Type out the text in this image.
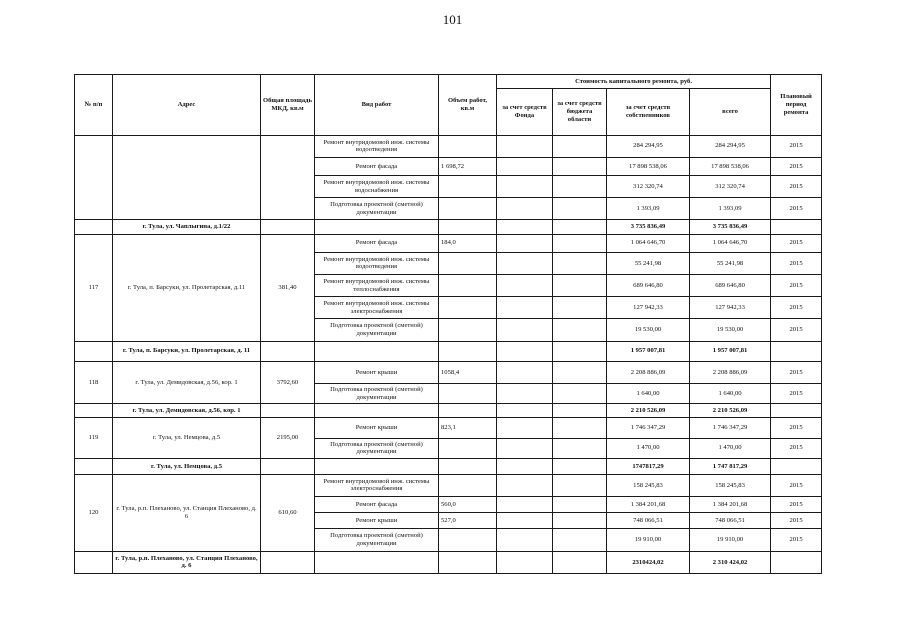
101
№ п/п	Адрес	Общая площадь МКД, кв.м	Вид работ	Объем работ, кв.м	Стоимость капитального ремонта, руб.				Плановый период ремонта
					за счет средств Фонда	за счет средств бюджета области	за счет средств собственников	всего	
			Ремонт внутридомовой инж. системы водоотведения				284 294,95	284 294,95	2015
			Ремонт фасада	1 698,72			17 898 538,06	17 898 538,06	2015
			Ремонт внутридомовой инж. системы водоснабжения				312 320,74	312 320,74	2015
			Подготовка проектной (сметной) документации				1 393,09	1 393,09	2015
	г. Тула, ул. Чаплыгина, д.1/22						3 735 836,49	3 735 836,49	
117	г. Тула, п. Барсуки, ул. Пролетарская, д.11	381,40	Ремонт фасада	184,0			1 064 646,70	1 064 646,70	2015
			Ремонт внутридомовой инж. системы водоотведения				55 241,98	55 241,98	2015
			Ремонт внутридомовой инж. системы теплоснабжения				689 646,80	689 646,80	2015
			Ремонт внутридомовой инж. системы электроснабжения				127 942,33	127 942,33	2015
			Подготовка проектной (сметной) документации				19 530,00	19 530,00	2015
	г. Тула, п. Барсуки, ул. Пролетарская, д. 11						1 957 007,81	1 957 007,81	
118	г. Тула, ул. Демидовская, д.56, кор. 1	3792,60	Ремонт крыши	1058,4			2 208 886,09	2 208 886,09	2015
			Подготовка проектной (сметной) документации				1 640,00	1 640,00	2015
	г. Тула, ул. Демидовская, д.56, кор. 1						2 210 526,09	2 210 526,09	
119	г. Тула, ул. Немцова, д.5	2195,00	Ремонт крыши	823,1			1 746 347,29	1 746 347,29	2015
			Подготовка проектной (сметной) документации				1 470,00	1 470,00	2015
	г. Тула, ул. Немцова, д.5						1747817,29	1 747 817,29	
120	г. Тула, р.п. Плеханово, ул. Станция Плеханово, д. 6	610,60	Ремонт внутридомовой инж. системы электроснабжения				158 245,83	158 245,83	2015
			Ремонт фасада	560,0			1 384 201,68	1 384 201,68	2015
			Ремонт крыши	527,0			748 066,51	748 066,51	2015
			Подготовка проектной (сметной) документации				19 910,00	19 910,00	2015
	г. Тула, р.п. Плеханово, ул. Станция Плеханово, д. 6						2310424,02	2 310 424,02	
